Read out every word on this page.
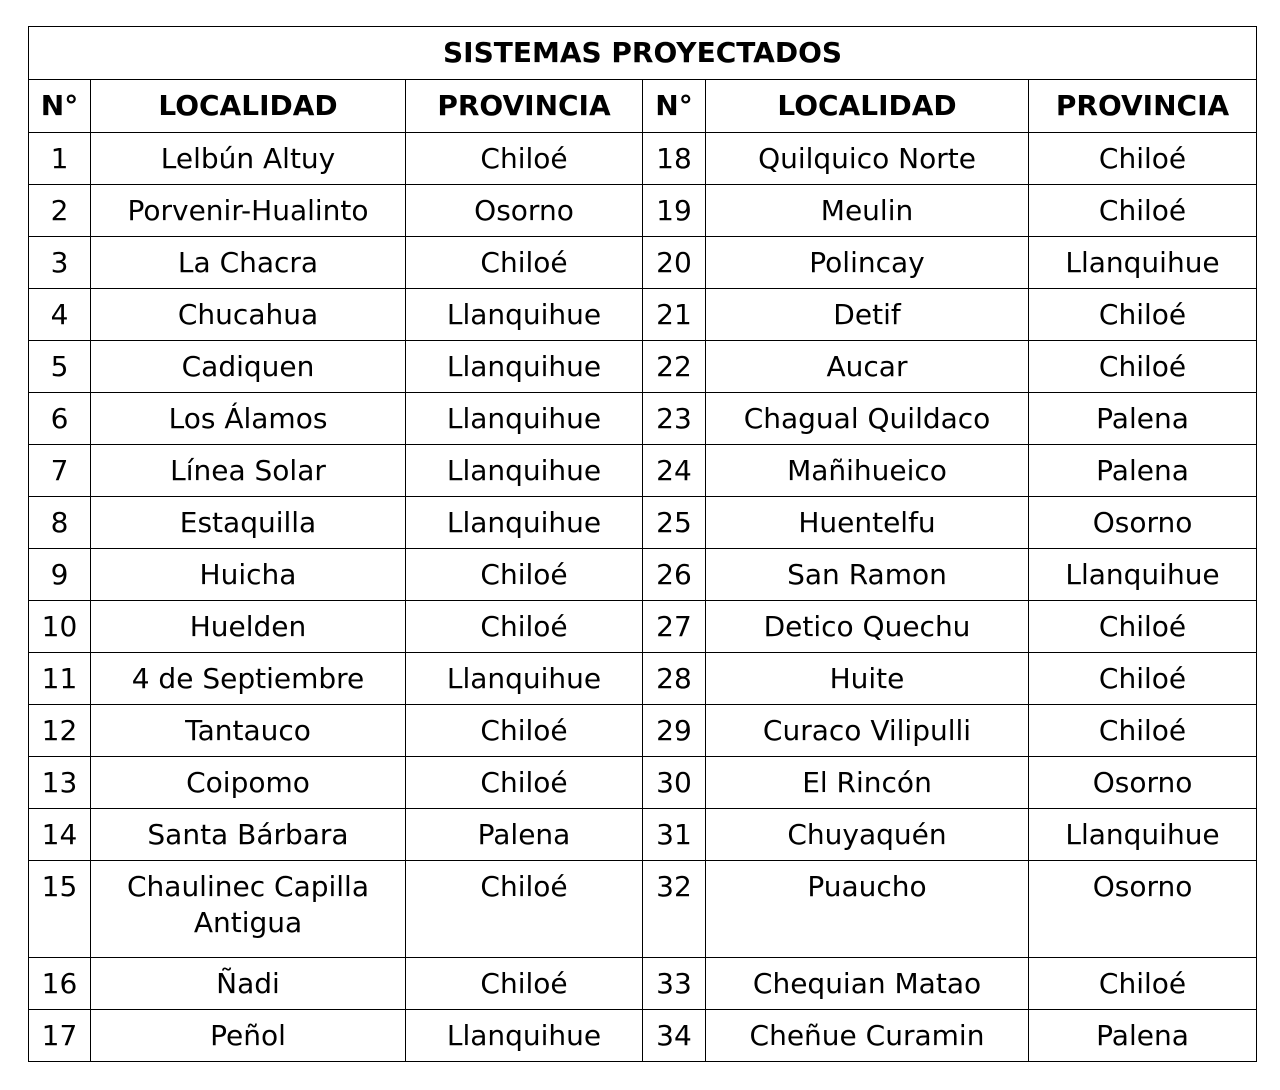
SISTEMAS PROYECTADOS					
N°	LOCALIDAD	PROVINCIA	N°	LOCALIDAD	PROVINCIA
1	Lelbún Altuy	Chiloé	18	Quilquico Norte	Chiloé
2	Porvenir-Hualinto	Osorno	19	Meulin	Chiloé
3	La Chacra	Chiloé	20	Polincay	Llanquihue
4	Chucahua	Llanquihue	21	Detif	Chiloé
5	Cadiquen	Llanquihue	22	Aucar	Chiloé
6	Los Álamos	Llanquihue	23	Chagual Quildaco	Palena
7	Línea Solar	Llanquihue	24	Mañihueico	Palena
8	Estaquilla	Llanquihue	25	Huentelfu	Osorno
9	Huicha	Chiloé	26	San Ramon	Llanquihue
10	Huelden	Chiloé	27	Detico Quechu	Chiloé
11	4 de Septiembre	Llanquihue	28	Huite	Chiloé
12	Tantauco	Chiloé	29	Curaco Vilipulli	Chiloé
13	Coipomo	Chiloé	30	El Rincón	Osorno
14	Santa Bárbara	Palena	31	Chuyaquén	Llanquihue
15	Chaulinec Capilla Antigua	Chiloé	32	Puaucho	Osorno
16	Ñadi	Chiloé	33	Chequian Matao	Chiloé
17	Peñol	Llanquihue	34	Cheñue Curamin	Palena
